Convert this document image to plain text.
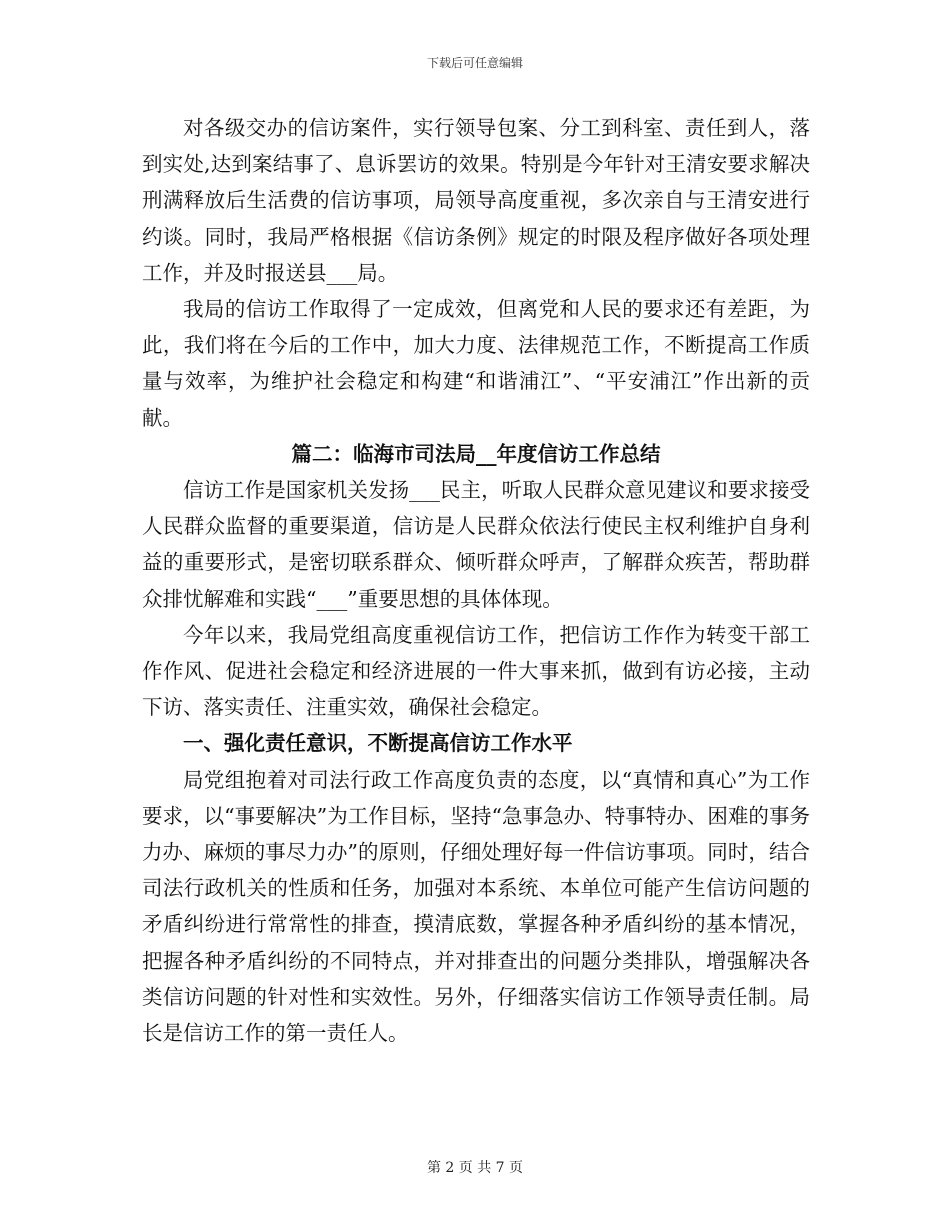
下载后可任意编辑

对各级交办的信访案件，实行领导包案、分工到科室、责任到人，落到实处,达到案结事了、息诉罢访的效果。特别是今年针对王清安要求解决刑满释放后生活费的信访事项，局领导高度重视，多次亲自与王清安进行约谈。同时，我局严格根据《信访条例》规定的时限及程序做好各项处理工作，并及时报送县___局。

我局的信访工作取得了一定成效，但离党和人民的要求还有差距，为此，我们将在今后的工作中，加大力度、法律规范工作，不断提高工作质量与效率，为维护社会稳定和构建“和谐浦江”、“平安浦江”作出新的贡献。

篇二：临海市司法局__年度信访工作总结

信访工作是国家机关发扬___民主，听取人民群众意见建议和要求接受人民群众监督的重要渠道，信访是人民群众依法行使民主权利维护自身利益的重要形式，是密切联系群众、倾听群众呼声，了解群众疾苦，帮助群众排忧解难和实践“___”重要思想的具体体现。

今年以来，我局党组高度重视信访工作，把信访工作作为转变干部工作作风、促进社会稳定和经济进展的一件大事来抓，做到有访必接，主动下访、落实责任、注重实效，确保社会稳定。

一、强化责任意识，不断提高信访工作水平

局党组抱着对司法行政工作高度负责的态度，以“真情和真心”为工作要求，以“事要解决”为工作目标，坚持“急事急办、特事特办、困难的事务力办、麻烦的事尽力办”的原则，仔细处理好每一件信访事项。同时，结合司法行政机关的性质和任务，加强对本系统、本单位可能产生信访问题的矛盾纠纷进行常常性的排查，摸清底数，掌握各种矛盾纠纷的基本情况，把握各种矛盾纠纷的不同特点，并对排查出的问题分类排队，增强解决各类信访问题的针对性和实效性。另外，仔细落实信访工作领导责任制。局长是信访工作的第一责任人。

第 2 页 共 7 页
